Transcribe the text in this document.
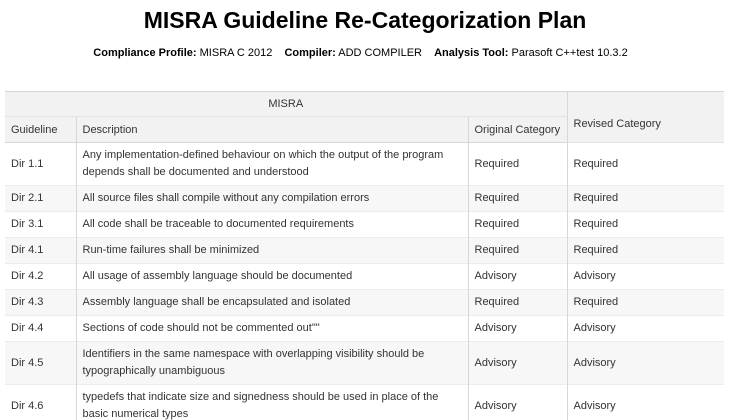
MISRA Guideline Re-Categorization Plan
Compliance Profile: MISRA C 2012 Compiler: ADD COMPILER Analysis Tool: Parasoft C++test 10.3.2
MISRA			Revised Category
Guideline	Description	Original Category	
Dir 1.1	Any implementation-defined behaviour on which the output of the program depends shall be documented and understood	Required	Required
Dir 2.1	All source files shall compile without any compilation errors	Required	Required
Dir 3.1	All code shall be traceable to documented requirements	Required	Required
Dir 4.1	Run-time failures shall be minimized	Required	Required
Dir 4.2	All usage of assembly language should be documented	Advisory	Advisory
Dir 4.3	Assembly language shall be encapsulated and isolated	Required	Required
Dir 4.4	Sections of code should not be commented out""	Advisory	Advisory
Dir 4.5	Identifiers in the same namespace with overlapping visibility should be typographically unambiguous	Advisory	Advisory
Dir 4.6	typedefs that indicate size and signedness should be used in place of the basic numerical types	Advisory	Advisory
